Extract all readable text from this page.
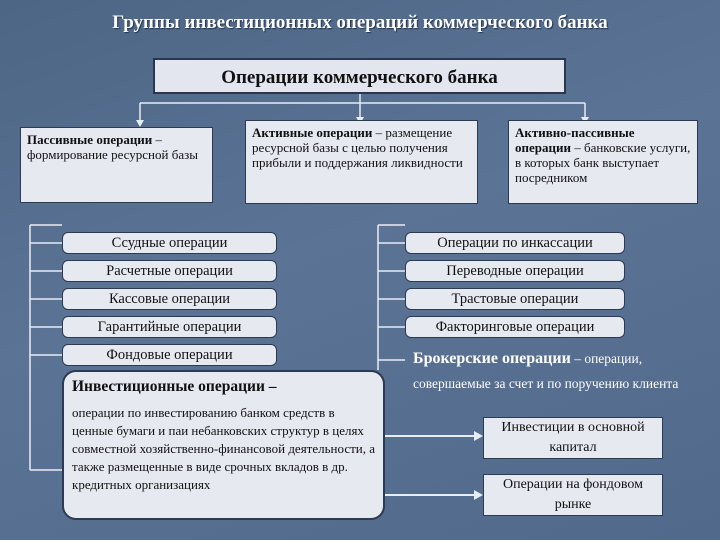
Группы инвестиционных операций коммерческого банка
Операции коммерческого банка
Пассивные операции – формирование ресурсной базы
Активные операции – размещение ресурсной базы с целью получения прибыли и поддержания ликвидности
Активно-пассивные операции – банковские услуги, в которых банк выступает посредником
Ссудные операции
Расчетные операции
Кассовые операции
Гарантийные операции
Фондовые операции
Операции по инкассации
Переводные операции
Трастовые операции
Факторинговые операции
Брокерские операции – операции,
совершаемые за счет и по поручению клиента
Инвестиционные операции –
операции по инвестированию банком средств в ценные бумаги и паи небанковских структур в целях совместной хозяйственно-финансовой деятельности, а также размещенные в виде срочных вкладов в др. кредитных организациях
Инвестиции в основной капитал
Операции на фондовом рынке
